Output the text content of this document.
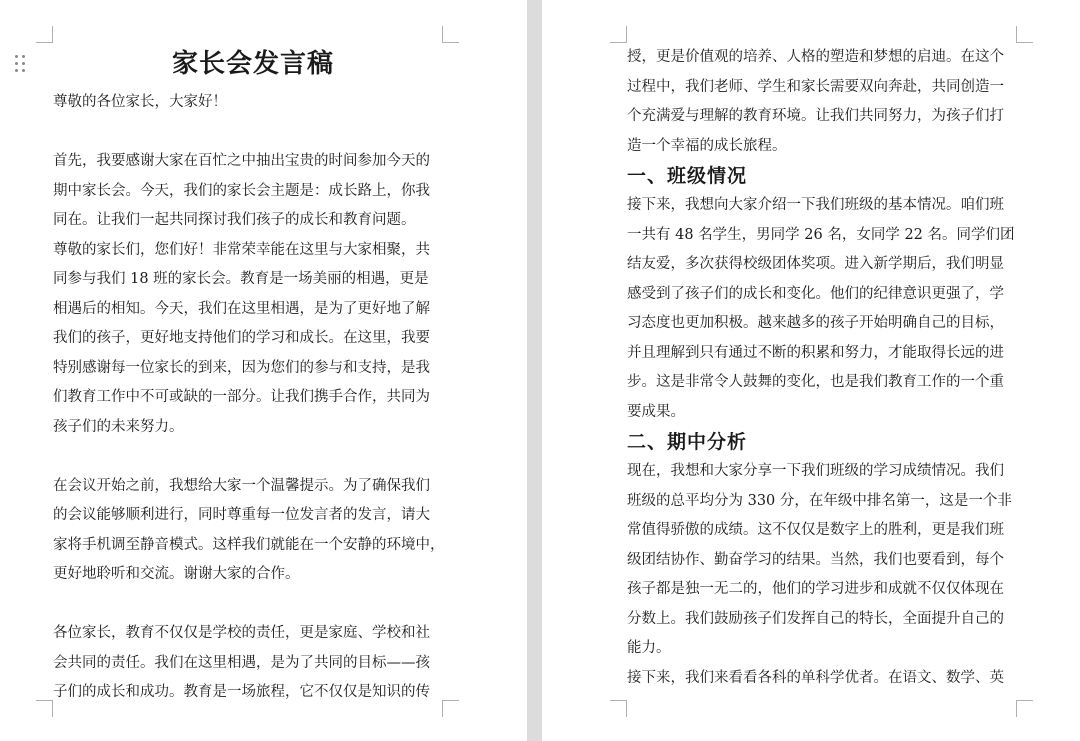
家长会发言稿
尊敬的各位家长，大家好！
首先，我要感谢大家在百忙之中抽出宝贵的时间参加今天的
期中家长会。今天，我们的家长会主题是：成长路上，你我
同在。让我们一起共同探讨我们孩子的成长和教育问题。
尊敬的家长们，您们好！非常荣幸能在这里与大家相聚，共
同参与我们 18 班的家长会。教育是一场美丽的相遇，更是
相遇后的相知。今天，我们在这里相遇，是为了更好地了解
我们的孩子，更好地支持他们的学习和成长。在这里，我要
特别感谢每一位家长的到来，因为您们的参与和支持，是我
们教育工作中不可或缺的一部分。让我们携手合作，共同为
孩子们的未来努力。
在会议开始之前，我想给大家一个温馨提示。为了确保我们
的会议能够顺利进行，同时尊重每一位发言者的发言，请大
家将手机调至静音模式。这样我们就能在一个安静的环境中，
更好地聆听和交流。谢谢大家的合作。
各位家长，教育不仅仅是学校的责任，更是家庭、学校和社
会共同的责任。我们在这里相遇，是为了共同的目标——孩
子们的成长和成功。教育是一场旅程，它不仅仅是知识的传
授，更是价值观的培养、人格的塑造和梦想的启迪。在这个
过程中，我们老师、学生和家长需要双向奔赴，共同创造一
个充满爱与理解的教育环境。让我们共同努力，为孩子们打
造一个幸福的成长旅程。
一、班级情况
接下来，我想向大家介绍一下我们班级的基本情况。咱们班
一共有 48 名学生，男同学 26 名，女同学 22 名。同学们团
结友爱，多次获得校级团体奖项。进入新学期后，我们明显
感受到了孩子们的成长和变化。他们的纪律意识更强了，学
习态度也更加积极。越来越多的孩子开始明确自己的目标，
并且理解到只有通过不断的积累和努力，才能取得长远的进
步。这是非常令人鼓舞的变化，也是我们教育工作的一个重
要成果。
二、期中分析
现在，我想和大家分享一下我们班级的学习成绩情况。我们
班级的总平均分为 330 分，在年级中排名第一，这是一个非
常值得骄傲的成绩。这不仅仅是数字上的胜利，更是我们班
级团结协作、勤奋学习的结果。当然，我们也要看到，每个
孩子都是独一无二的，他们的学习进步和成就不仅仅体现在
分数上。我们鼓励孩子们发挥自己的特长，全面提升自己的
能力。
接下来，我们来看看各科的单科学优者。在语文、数学、英
